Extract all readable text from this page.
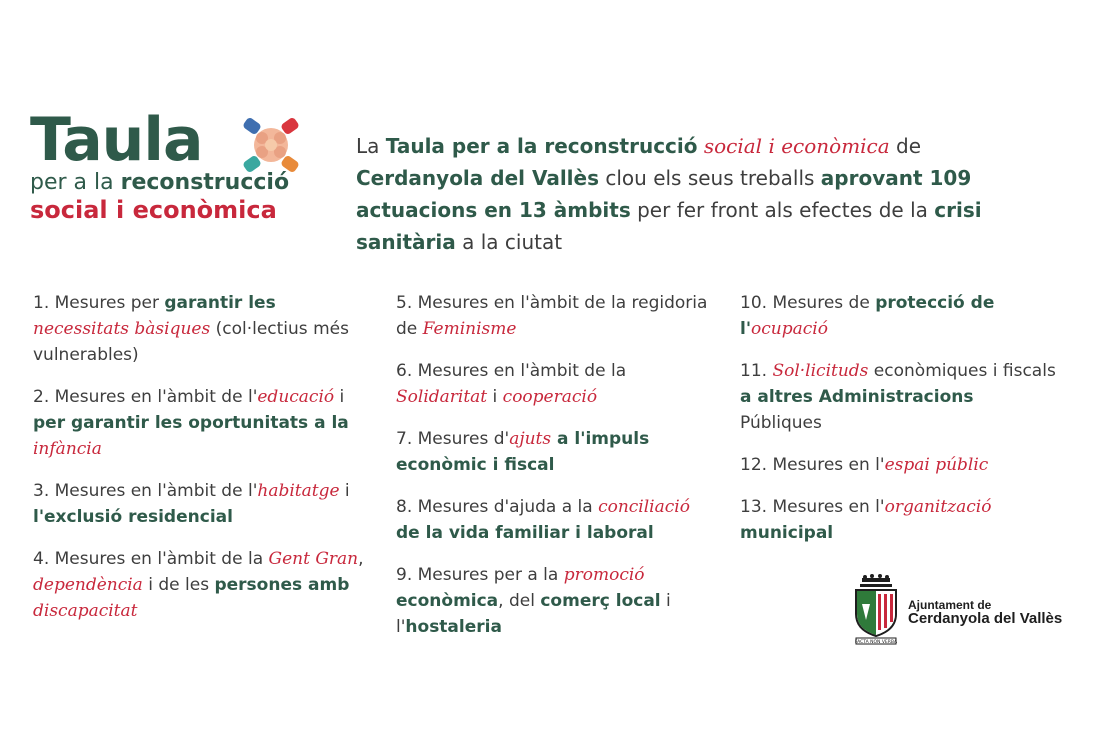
Taula
per a la reconstrucció
social i econòmica
La Taula per a la reconstrucció social i econòmica de
Cerdanyola del Vallès clou els seus treballs aprovant 109 actuacions en 13 àmbits per fer front als efectes de la crisi sanitària a la ciutat
1. Mesures per garantir les
necessitats bàsiques (col·lectius més vulnerables)
2. Mesures en l'àmbit de l'educació i per garantir les oportunitats a la
infància
3. Mesures en l'àmbit de l'habitatge i
l'exclusió residencial
4. Mesures en l'àmbit de la Gent Gran, dependència i de les persones amb discapacitat
5. Mesures en l'àmbit de la regidoria de Feminisme
6. Mesures en l'àmbit de la
Solidaritat i cooperació
7. Mesures d'ajuts a l'impuls econòmic i fiscal
8. Mesures d'ajuda a la conciliació
de la vida familiar i laboral
9. Mesures per a la promoció
econòmica, del comerç local i l'hostaleria
10. Mesures de protecció de l'ocupació
11. Sol·licituds econòmiques i fiscals a altres Administracions
Públiques
12. Mesures en l'espai públic
13. Mesures en l'organització
municipal
FACTA NON VERBA
Ajuntament de
Cerdanyola del Vallès
